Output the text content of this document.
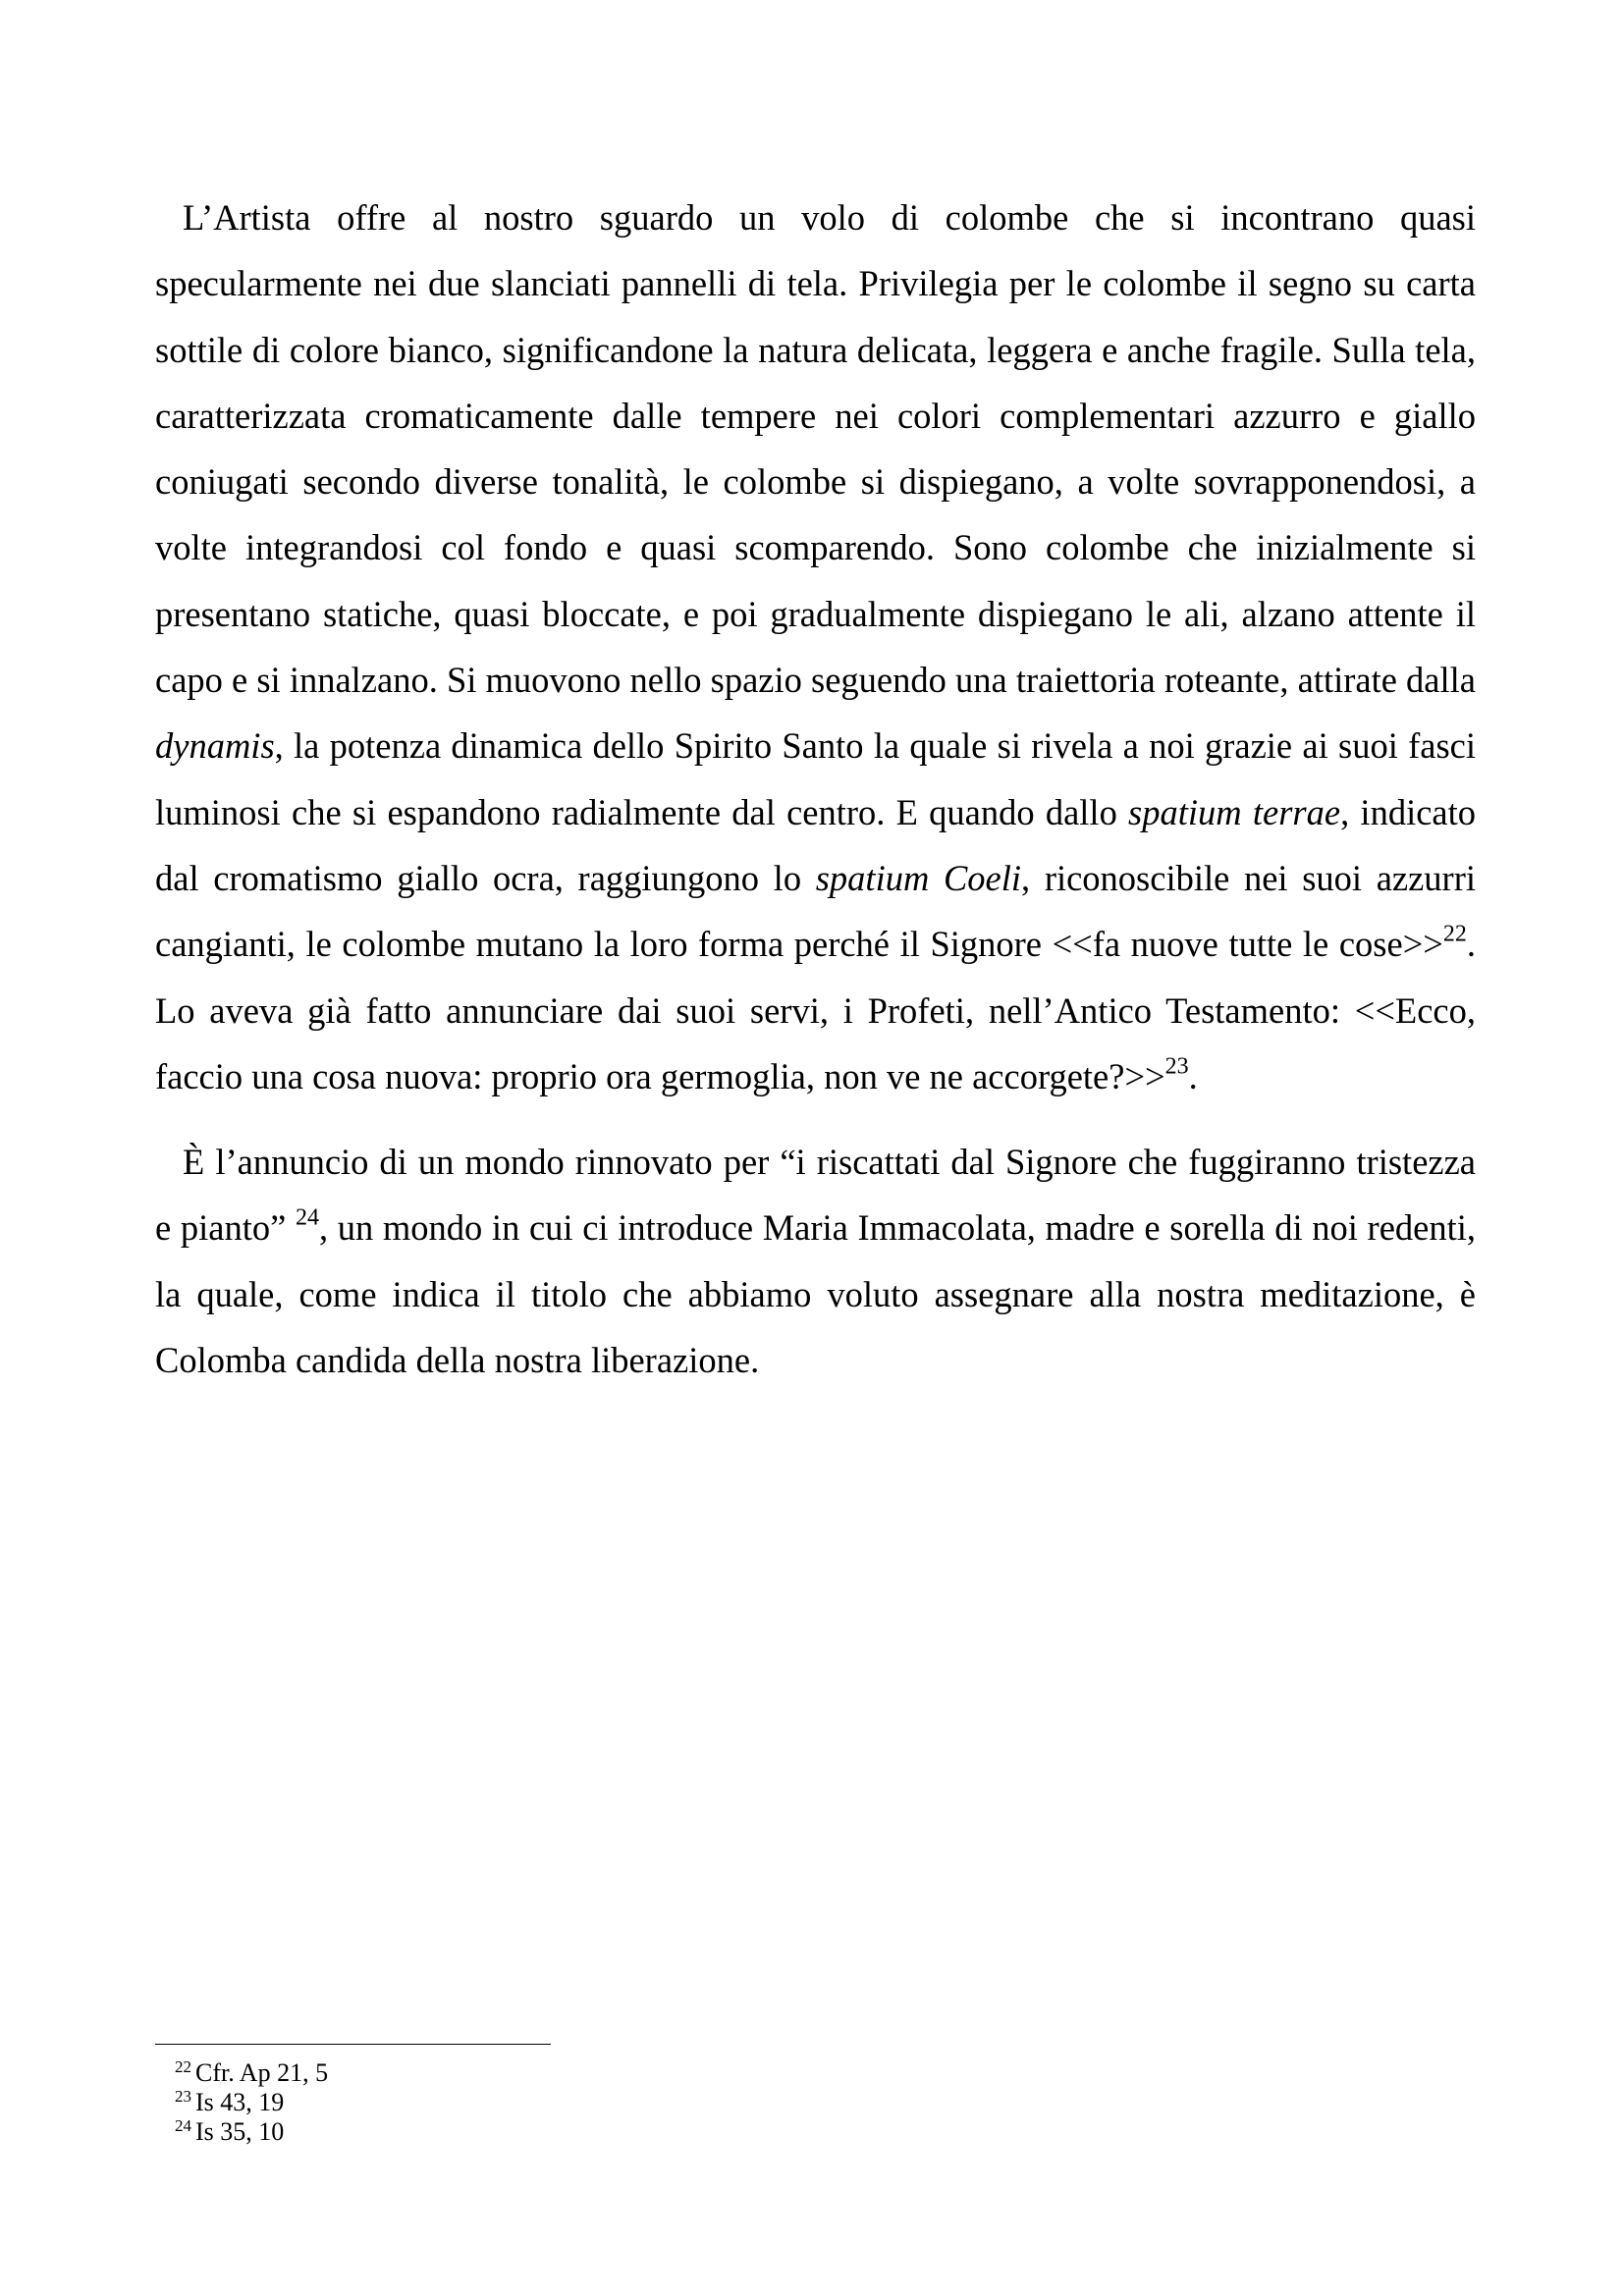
L’Artista offre al nostro sguardo un volo di colombe che si incontrano quasi specularmente nei due slanciati pannelli di tela. Privilegia per le colombe il segno su carta sottile di colore bianco, significandone la natura delicata, leggera e anche fragile. Sulla tela, caratterizzata cromaticamente dalle tempere nei colori complementari azzurro e giallo coniugati secondo diverse tonalità, le colombe si dispiegano, a volte sovrapponendosi, a volte integrandosi col fondo e quasi scomparendo. Sono colombe che inizialmente si presentano statiche, quasi bloccate, e poi gradualmente dispiegano le ali, alzano attente il capo e si innalzano. Si muovono nello spazio seguendo una traiettoria roteante, attirate dalla dynamis, la potenza dinamica dello Spirito Santo la quale si rivela a noi grazie ai suoi fasci luminosi che si espandono radialmente dal centro. E quando dallo spatium terrae, indicato dal cromatismo giallo ocra, raggiungono lo spatium Coeli, riconoscibile nei suoi azzurri cangianti, le colombe mutano la loro forma perché il Signore <<fa nuove tutte le cose>>$^{22}$. Lo aveva già fatto annunciare dai suoi servi, i Profeti, nell’Antico Testamento: <<Ecco, faccio una cosa nuova: proprio ora germoglia, non ve ne accorgete?>>$^{23}$.

È l’annuncio di un mondo rinnovato per “i riscattati dal Signore che fuggiranno tristezza e pianto” $^{24}$, un mondo in cui ci introduce Maria Immacolata, madre e sorella di noi redenti, la quale, come indica il titolo che abbiamo voluto assegnare alla nostra meditazione, è Colomba candida della nostra liberazione.

$^{22}$ Cfr. Ap 21, 5

$^{23}$ Is 43, 19

$^{24}$ Is 35, 10
